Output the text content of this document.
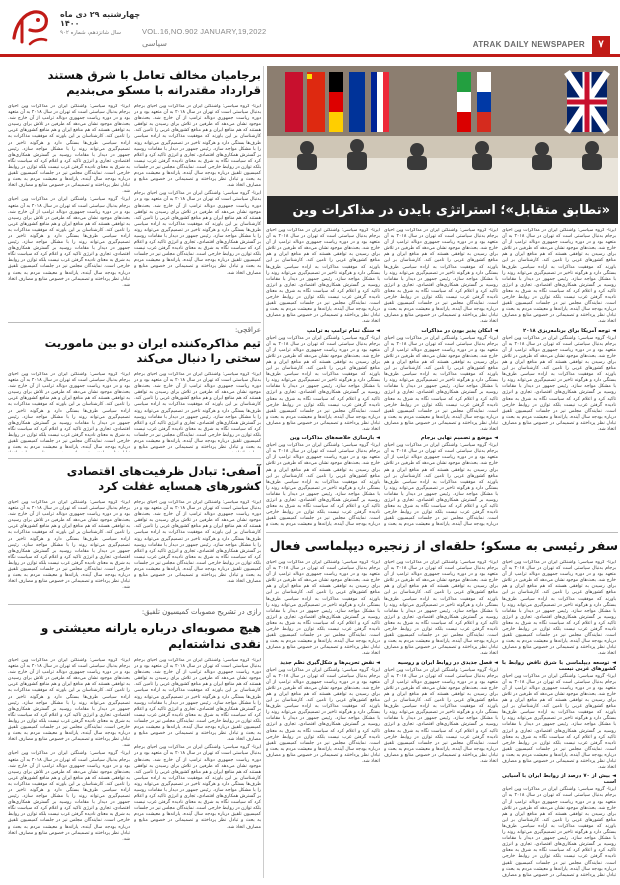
چهارشنبه ۲۹ دی ماه ۱۴۰۰
سال شانزدهم، شماره ۹۰۲	VOL.16,NO.902 JANUARY,19,2022
سیاسی	ATRAK DAILY NEWSPAPER	۷
«تطابق متقابل»؛ استراتژی بایدن در مذاکرات وین

ایرنا- گروه سیاسی: واشنگتن ایران در مذاکرات وین احیای برجام بدنبال سیاستی است که تهران در سال ۲۰۱۸ به آن متعهد بود و در دوره ریاست جمهوری دونالد ترامپ از آن خارج شد. بحث‌های موجود نشان می‌دهد که طرفین در تلاش برای رسیدن به توافقی هستند که هم منافع ایران و هم منافع کشورهای غربی را تامین کند. کارشناسان بر این باورند که موفقیت مذاکرات به اراده سیاسی طرف‌ها بستگی دارد و هرگونه تاخیر در تصمیم‌گیری می‌تواند روند را با مشکل مواجه سازد. رئیس جمهور در دیدار با مقامات روسیه بر گسترش همکاری‌های اقتصادی، تجاری و انرژی تاکید کرد و اعلام کرد که سیاست نگاه به شرق به معنای نادیده گرفتن غرب نیست بلکه توازن در روابط خارجی است. نمایندگان مجلس نیز در جلسات کمیسیون تلفیق درباره بودجه سال آینده، یارانه‌ها و معیشت مردم به بحث و تبادل نظر پرداختند و تصمیماتی در خصوص منابع و مصارف اتخاذ شد.

◄ توجه آمریکا برای برنامه‌ریزی ۲۰۱۸

ایرنا- گروه سیاسی: واشنگتن ایران در مذاکرات وین احیای برجام بدنبال سیاستی است که تهران در سال ۲۰۱۸ به آن متعهد بود و در دوره ریاست جمهوری دونالد ترامپ از آن خارج شد. بحث‌های موجود نشان می‌دهد که طرفین در تلاش برای رسیدن به توافقی هستند که هم منافع ایران و هم منافع کشورهای غربی را تامین کند. کارشناسان بر این باورند که موفقیت مذاکرات به اراده سیاسی طرف‌ها بستگی دارد و هرگونه تاخیر در تصمیم‌گیری می‌تواند روند را با مشکل مواجه سازد. رئیس جمهور در دیدار با مقامات روسیه بر گسترش همکاری‌های اقتصادی، تجاری و انرژی تاکید کرد و اعلام کرد که سیاست نگاه به شرق به معنای نادیده گرفتن غرب نیست بلکه توازن در روابط خارجی است. نمایندگان مجلس نیز در جلسات کمیسیون تلفیق درباره بودجه سال آینده، یارانه‌ها و معیشت مردم به بحث و تبادل نظر پرداختند و تصمیماتی در خصوص منابع و مصارف اتخاذ شد.

ایرنا- گروه سیاسی: واشنگتن ایران در مذاکرات وین احیای برجام بدنبال سیاستی است که تهران در سال ۲۰۱۸ به آن متعهد بود و در دوره ریاست جمهوری دونالد ترامپ از آن خارج شد. بحث‌های موجود نشان می‌دهد که طرفین در تلاش برای رسیدن به توافقی هستند که هم منافع ایران و هم منافع کشورهای غربی را تامین کند. کارشناسان بر این باورند که موفقیت مذاکرات به اراده سیاسی طرف‌ها بستگی دارد و هرگونه تاخیر در تصمیم‌گیری می‌تواند روند را با مشکل مواجه سازد. رئیس جمهور در دیدار با مقامات روسیه بر گسترش همکاری‌های اقتصادی، تجاری و انرژی تاکید کرد و اعلام کرد که سیاست نگاه به شرق به معنای نادیده گرفتن غرب نیست بلکه توازن در روابط خارجی است. نمایندگان مجلس نیز در جلسات کمیسیون تلفیق درباره بودجه سال آینده، یارانه‌ها و معیشت مردم به بحث و تبادل نظر پرداختند و تصمیماتی در خصوص منابع و مصارف اتخاذ شد.

◄ امکان پذیر بودن در مذاکرات

ایرنا- گروه سیاسی: واشنگتن ایران در مذاکرات وین احیای برجام بدنبال سیاستی است که تهران در سال ۲۰۱۸ به آن متعهد بود و در دوره ریاست جمهوری دونالد ترامپ از آن خارج شد. بحث‌های موجود نشان می‌دهد که طرفین در تلاش برای رسیدن به توافقی هستند که هم منافع ایران و هم منافع کشورهای غربی را تامین کند. کارشناسان بر این باورند که موفقیت مذاکرات به اراده سیاسی طرف‌ها بستگی دارد و هرگونه تاخیر در تصمیم‌گیری می‌تواند روند را با مشکل مواجه سازد. رئیس جمهور در دیدار با مقامات روسیه بر گسترش همکاری‌های اقتصادی، تجاری و انرژی تاکید کرد و اعلام کرد که سیاست نگاه به شرق به معنای نادیده گرفتن غرب نیست بلکه توازن در روابط خارجی است. نمایندگان مجلس نیز در جلسات کمیسیون تلفیق درباره بودجه سال آینده، یارانه‌ها و معیشت مردم به بحث و تبادل نظر پرداختند و تصمیماتی در خصوص منابع و مصارف اتخاذ شد.

◄ موضع و تصمیم نهایی برجام

ایرنا- گروه سیاسی: واشنگتن ایران در مذاکرات وین احیای برجام بدنبال سیاستی است که تهران در سال ۲۰۱۸ به آن متعهد بود و در دوره ریاست جمهوری دونالد ترامپ از آن خارج شد. بحث‌های موجود نشان می‌دهد که طرفین در تلاش برای رسیدن به توافقی هستند که هم منافع ایران و هم منافع کشورهای غربی را تامین کند. کارشناسان بر این باورند که موفقیت مذاکرات به اراده سیاسی طرف‌ها بستگی دارد و هرگونه تاخیر در تصمیم‌گیری می‌تواند روند را با مشکل مواجه سازد. رئیس جمهور در دیدار با مقامات روسیه بر گسترش همکاری‌های اقتصادی، تجاری و انرژی تاکید کرد و اعلام کرد که سیاست نگاه به شرق به معنای نادیده گرفتن غرب نیست بلکه توازن در روابط خارجی است. نمایندگان مجلس نیز در جلسات کمیسیون تلفیق درباره بودجه سال آینده، یارانه‌ها و معیشت مردم به بحث و

ایرنا- گروه سیاسی: واشنگتن ایران در مذاکرات وین احیای برجام بدنبال سیاستی است که تهران در سال ۲۰۱۸ به آن متعهد بود و در دوره ریاست جمهوری دونالد ترامپ از آن خارج شد. بحث‌های موجود نشان می‌دهد که طرفین در تلاش برای رسیدن به توافقی هستند که هم منافع ایران و هم منافع کشورهای غربی را تامین کند. کارشناسان بر این باورند که موفقیت مذاکرات به اراده سیاسی طرف‌ها بستگی دارد و هرگونه تاخیر در تصمیم‌گیری می‌تواند روند را با مشکل مواجه سازد. رئیس جمهور در دیدار با مقامات روسیه بر گسترش همکاری‌های اقتصادی، تجاری و انرژی تاکید کرد و اعلام کرد که سیاست نگاه به شرق به معنای نادیده گرفتن غرب نیست بلکه توازن در روابط خارجی است. نمایندگان مجلس نیز در جلسات کمیسیون تلفیق درباره بودجه سال آینده، یارانه‌ها و معیشت مردم به بحث و تبادل نظر پرداختند و تصمیماتی در خصوص منابع و مصارف اتخاذ شد.

◄ سنگ تمام ترامپ به ترامپ

ایرنا- گروه سیاسی: واشنگتن ایران در مذاکرات وین احیای برجام بدنبال سیاستی است که تهران در سال ۲۰۱۸ به آن متعهد بود و در دوره ریاست جمهوری دونالد ترامپ از آن خارج شد. بحث‌های موجود نشان می‌دهد که طرفین در تلاش برای رسیدن به توافقی هستند که هم منافع ایران و هم منافع کشورهای غربی را تامین کند. کارشناسان بر این باورند که موفقیت مذاکرات به اراده سیاسی طرف‌ها بستگی دارد و هرگونه تاخیر در تصمیم‌گیری می‌تواند روند را با مشکل مواجه سازد. رئیس جمهور در دیدار با مقامات روسیه بر گسترش همکاری‌های اقتصادی، تجاری و انرژی تاکید کرد و اعلام کرد که سیاست نگاه به شرق به معنای نادیده گرفتن غرب نیست بلکه توازن در روابط خارجی است. نمایندگان مجلس نیز در جلسات کمیسیون تلفیق درباره بودجه سال آینده، یارانه‌ها و معیشت مردم به بحث و تبادل نظر پرداختند و تصمیماتی در خصوص منابع و مصارف اتخاذ شد.

◄ بازسازی خلاصه‌های مذاکرات وین

ایرنا- گروه سیاسی: واشنگتن ایران در مذاکرات وین احیای برجام بدنبال سیاستی است که تهران در سال ۲۰۱۸ به آن متعهد بود و در دوره ریاست جمهوری دونالد ترامپ از آن خارج شد. بحث‌های موجود نشان می‌دهد که طرفین در تلاش برای رسیدن به توافقی هستند که هم منافع ایران و هم منافع کشورهای غربی را تامین کند. کارشناسان بر این باورند که موفقیت مذاکرات به اراده سیاسی طرف‌ها بستگی دارد و هرگونه تاخیر در تصمیم‌گیری می‌تواند روند را با مشکل مواجه سازد. رئیس جمهور در دیدار با مقامات روسیه بر گسترش همکاری‌های اقتصادی، تجاری و انرژی تاکید کرد و اعلام کرد که سیاست نگاه به شرق به معنای نادیده گرفتن غرب نیست بلکه توازن در روابط خارجی است. نمایندگان مجلس نیز در جلسات کمیسیون تلفیق درباره بودجه سال آینده، یارانه‌ها و معیشت مردم به بحث و

سفر رئیسی به مسکو؛ حلقه‌ای از زنجیره دیپلماسی فعال

ایرنا- گروه سیاسی: واشنگتن ایران در مذاکرات وین احیای برجام بدنبال سیاستی است که تهران در سال ۲۰۱۸ به آن متعهد بود و در دوره ریاست جمهوری دونالد ترامپ از آن خارج شد. بحث‌های موجود نشان می‌دهد که طرفین در تلاش برای رسیدن به توافقی هستند که هم منافع ایران و هم منافع کشورهای غربی را تامین کند. کارشناسان بر این باورند که موفقیت مذاکرات به اراده سیاسی طرف‌ها بستگی دارد و هرگونه تاخیر در تصمیم‌گیری می‌تواند روند را با مشکل مواجه سازد. رئیس جمهور در دیدار با مقامات روسیه بر گسترش همکاری‌های اقتصادی، تجاری و انرژی تاکید کرد و اعلام کرد که سیاست نگاه به شرق به معنای نادیده گرفتن غرب نیست بلکه توازن در روابط خارجی است. نمایندگان مجلس نیز در جلسات کمیسیون تلفیق درباره بودجه سال آینده، یارانه‌ها و معیشت مردم به بحث و تبادل نظر پرداختند و تصمیماتی در خصوص منابع و مصارف اتخاذ شد.

◄ توسعه دیپلماسی با شرق ناقض روابط با کشورهای غربی نیست

ایرنا- گروه سیاسی: واشنگتن ایران در مذاکرات وین احیای برجام بدنبال سیاستی است که تهران در سال ۲۰۱۸ به آن متعهد بود و در دوره ریاست جمهوری دونالد ترامپ از آن خارج شد. بحث‌های موجود نشان می‌دهد که طرفین در تلاش برای رسیدن به توافقی هستند که هم منافع ایران و هم منافع کشورهای غربی را تامین کند. کارشناسان بر این باورند که موفقیت مذاکرات به اراده سیاسی طرف‌ها بستگی دارد و هرگونه تاخیر در تصمیم‌گیری می‌تواند روند را با مشکل مواجه سازد. رئیس جمهور در دیدار با مقامات روسیه بر گسترش همکاری‌های اقتصادی، تجاری و انرژی تاکید کرد و اعلام کرد که سیاست نگاه به شرق به معنای نادیده گرفتن غرب نیست بلکه توازن در روابط خارجی است. نمایندگان مجلس نیز در جلسات کمیسیون تلفیق درباره بودجه سال آینده، یارانه‌ها و معیشت مردم به بحث و تبادل نظر پرداختند و تصمیماتی در خصوص منابع و مصارف اتخاذ شد.

◄ بیش از ۷۰ درصد از روابط ایران با آسیایی است

ایرنا- گروه سیاسی: واشنگتن ایران در مذاکرات وین احیای برجام بدنبال سیاستی است که تهران در سال ۲۰۱۸ به آن متعهد بود و در دوره ریاست جمهوری دونالد ترامپ از آن خارج شد. بحث‌های موجود نشان می‌دهد که طرفین در تلاش برای رسیدن به توافقی هستند که هم منافع ایران و هم منافع کشورهای غربی را تامین کند. کارشناسان بر این باورند که موفقیت مذاکرات به اراده سیاسی طرف‌ها بستگی دارد و هرگونه تاخیر در تصمیم‌گیری می‌تواند روند را با مشکل مواجه سازد. رئیس جمهور در دیدار با مقامات روسیه بر گسترش همکاری‌های اقتصادی، تجاری و انرژی تاکید کرد و اعلام کرد که سیاست نگاه به شرق به معنای نادیده گرفتن غرب نیست بلکه توازن در روابط خارجی است. نمایندگان مجلس نیز در جلسات کمیسیون تلفیق درباره بودجه سال آینده، یارانه‌ها و معیشت مردم به بحث و تبادل نظر پرداختند و تصمیماتی در خصوص منابع و مصارف

ایرنا- گروه سیاسی: واشنگتن ایران در مذاکرات وین احیای برجام بدنبال سیاستی است که تهران در سال ۲۰۱۸ به آن متعهد بود و در دوره ریاست جمهوری دونالد ترامپ از آن خارج شد. بحث‌های موجود نشان می‌دهد که طرفین در تلاش برای رسیدن به توافقی هستند که هم منافع ایران و هم منافع کشورهای غربی را تامین کند. کارشناسان بر این باورند که موفقیت مذاکرات به اراده سیاسی طرف‌ها بستگی دارد و هرگونه تاخیر در تصمیم‌گیری می‌تواند روند را با مشکل مواجه سازد. رئیس جمهور در دیدار با مقامات روسیه بر گسترش همکاری‌های اقتصادی، تجاری و انرژی تاکید کرد و اعلام کرد که سیاست نگاه به شرق به معنای نادیده گرفتن غرب نیست بلکه توازن در روابط خارجی است. نمایندگان مجلس نیز در جلسات کمیسیون تلفیق درباره بودجه سال آینده، یارانه‌ها و معیشت مردم به بحث و تبادل نظر پرداختند و تصمیماتی در خصوص منابع و مصارف اتخاذ شد.

◄ فصل جدیدی در روابط ایران و روسیه

ایرنا- گروه سیاسی: واشنگتن ایران در مذاکرات وین احیای برجام بدنبال سیاستی است که تهران در سال ۲۰۱۸ به آن متعهد بود و در دوره ریاست جمهوری دونالد ترامپ از آن خارج شد. بحث‌های موجود نشان می‌دهد که طرفین در تلاش برای رسیدن به توافقی هستند که هم منافع ایران و هم منافع کشورهای غربی را تامین کند. کارشناسان بر این باورند که موفقیت مذاکرات به اراده سیاسی طرف‌ها بستگی دارد و هرگونه تاخیر در تصمیم‌گیری می‌تواند روند را با مشکل مواجه سازد. رئیس جمهور در دیدار با مقامات روسیه بر گسترش همکاری‌های اقتصادی، تجاری و انرژی تاکید کرد و اعلام کرد که سیاست نگاه به شرق به معنای نادیده گرفتن غرب نیست بلکه توازن در روابط خارجی است. نمایندگان مجلس نیز در جلسات کمیسیون تلفیق درباره بودجه سال آینده، یارانه‌ها و معیشت مردم به بحث و تبادل نظر پرداختند و تصمیماتی در خصوص منابع و مصارف اتخاذ شد.

ایرنا- گروه سیاسی: واشنگتن ایران در مذاکرات وین احیای برجام بدنبال سیاستی است که تهران در سال ۲۰۱۸ به آن متعهد بود و در دوره ریاست جمهوری دونالد ترامپ از آن خارج شد. بحث‌های موجود نشان می‌دهد که طرفین در تلاش برای رسیدن به توافقی هستند که هم منافع ایران و هم منافع کشورهای غربی را تامین کند. کارشناسان بر این باورند که موفقیت مذاکرات به اراده سیاسی طرف‌ها بستگی دارد و هرگونه تاخیر در تصمیم‌گیری می‌تواند روند را با مشکل مواجه سازد. رئیس جمهور در دیدار با مقامات روسیه بر گسترش همکاری‌های اقتصادی، تجاری و انرژی تاکید کرد و اعلام کرد که سیاست نگاه به شرق به معنای نادیده گرفتن غرب نیست بلکه توازن در روابط خارجی است. نمایندگان مجلس نیز در جلسات کمیسیون تلفیق درباره بودجه سال آینده، یارانه‌ها و معیشت مردم به بحث و تبادل نظر پرداختند و تصمیماتی در خصوص منابع و مصارف اتخاذ شد.

◄ نقض تحریم‌ها و شکل‌گیری نظم جدید

ایرنا- گروه سیاسی: واشنگتن ایران در مذاکرات وین احیای برجام بدنبال سیاستی است که تهران در سال ۲۰۱۸ به آن متعهد بود و در دوره ریاست جمهوری دونالد ترامپ از آن خارج شد. بحث‌های موجود نشان می‌دهد که طرفین در تلاش برای رسیدن به توافقی هستند که هم منافع ایران و هم منافع کشورهای غربی را تامین کند. کارشناسان بر این باورند که موفقیت مذاکرات به اراده سیاسی طرف‌ها بستگی دارد و هرگونه تاخیر در تصمیم‌گیری می‌تواند روند را با مشکل مواجه سازد. رئیس جمهور در دیدار با مقامات روسیه بر گسترش همکاری‌های اقتصادی، تجاری و انرژی تاکید کرد و اعلام کرد که سیاست نگاه به شرق به معنای نادیده گرفتن غرب نیست بلکه توازن در روابط خارجی است. نمایندگان مجلس نیز در جلسات کمیسیون تلفیق درباره بودجه سال آینده، یارانه‌ها و معیشت مردم به بحث و تبادل نظر پرداختند و تصمیماتی در خصوص منابع و مصارف اتخاذ شد.

برجامیان مخالف تعامل با شرق هستند قرارداد مقتدرانه با مسکو می‌بندیم

ایرنا- گروه سیاسی: واشنگتن ایران در مذاکرات وین احیای برجام بدنبال سیاستی است که تهران در سال ۲۰۱۸ به آن متعهد بود و در دوره ریاست جمهوری دونالد ترامپ از آن خارج شد. بحث‌های موجود نشان می‌دهد که طرفین در تلاش برای رسیدن به توافقی هستند که هم منافع ایران و هم منافع کشورهای غربی را تامین کند. کارشناسان بر این باورند که موفقیت مذاکرات به اراده سیاسی طرف‌ها بستگی دارد و هرگونه تاخیر در تصمیم‌گیری می‌تواند روند را با مشکل مواجه سازد. رئیس جمهور در دیدار با مقامات روسیه بر گسترش همکاری‌های اقتصادی، تجاری و انرژی تاکید کرد و اعلام کرد که سیاست نگاه به شرق به معنای نادیده گرفتن غرب نیست بلکه توازن در روابط خارجی است. نمایندگان مجلس نیز در جلسات کمیسیون تلفیق درباره بودجه سال آینده، یارانه‌ها و معیشت مردم به بحث و تبادل نظر پرداختند و تصمیماتی در خصوص منابع و مصارف اتخاذ شد.

ایرنا- گروه سیاسی: واشنگتن ایران در مذاکرات وین احیای برجام بدنبال سیاستی است که تهران در سال ۲۰۱۸ به آن متعهد بود و در دوره ریاست جمهوری دونالد ترامپ از آن خارج شد. بحث‌های موجود نشان می‌دهد که طرفین در تلاش برای رسیدن به توافقی هستند که هم منافع ایران و هم منافع کشورهای غربی را تامین کند. کارشناسان بر این باورند که موفقیت مذاکرات به اراده سیاسی طرف‌ها بستگی دارد و هرگونه تاخیر در تصمیم‌گیری می‌تواند روند را با مشکل مواجه سازد. رئیس جمهور در دیدار با مقامات روسیه بر گسترش همکاری‌های اقتصادی، تجاری و انرژی تاکید کرد و اعلام کرد که سیاست نگاه به شرق به معنای نادیده گرفتن غرب نیست بلکه توازن در روابط خارجی است. نمایندگان مجلس نیز در جلسات کمیسیون تلفیق درباره بودجه سال آینده، یارانه‌ها و معیشت مردم به بحث و تبادل نظر پرداختند و تصمیماتی در خصوص منابع و مصارف اتخاذ شد.

ایرنا- گروه سیاسی: واشنگتن ایران در مذاکرات وین احیای برجام بدنبال سیاستی است که تهران در سال ۲۰۱۸ به آن متعهد بود و در دوره ریاست جمهوری دونالد ترامپ از آن خارج شد. بحث‌های موجود نشان می‌دهد که طرفین در تلاش برای رسیدن به توافقی هستند که هم منافع ایران و هم منافع کشورهای غربی را تامین کند. کارشناسان بر این باورند که موفقیت مذاکرات به اراده سیاسی طرف‌ها بستگی دارد و هرگونه تاخیر در تصمیم‌گیری می‌تواند روند را با مشکل مواجه سازد. رئیس جمهور در دیدار با مقامات روسیه بر گسترش همکاری‌های اقتصادی، تجاری و انرژی تاکید کرد و اعلام کرد که سیاست نگاه به شرق به معنای نادیده گرفتن غرب نیست بلکه توازن در روابط خارجی است. نمایندگان مجلس نیز در جلسات کمیسیون تلفیق درباره بودجه سال آینده، یارانه‌ها و معیشت مردم به بحث و تبادل نظر پرداختند و تصمیماتی در خصوص منابع و مصارف اتخاذ شد.

ایرنا- گروه سیاسی: واشنگتن ایران در مذاکرات وین احیای برجام بدنبال سیاستی است که تهران در سال ۲۰۱۸ به آن متعهد بود و در دوره ریاست جمهوری دونالد ترامپ از آن خارج شد. بحث‌های موجود نشان می‌دهد که طرفین در تلاش برای رسیدن به توافقی هستند که هم منافع ایران و هم منافع کشورهای غربی را تامین کند. کارشناسان بر این باورند که موفقیت مذاکرات به اراده سیاسی طرف‌ها بستگی دارد و هرگونه تاخیر در تصمیم‌گیری می‌تواند روند را با مشکل مواجه سازد. رئیس جمهور در دیدار با مقامات روسیه بر گسترش همکاری‌های اقتصادی، تجاری و انرژی تاکید کرد و اعلام کرد که سیاست نگاه به شرق به معنای نادیده گرفتن غرب نیست بلکه توازن در روابط خارجی است. نمایندگان مجلس نیز در جلسات کمیسیون تلفیق درباره بودجه سال آینده، یارانه‌ها و معیشت مردم به بحث و تبادل نظر پرداختند و تصمیماتی در خصوص منابع و مصارف اتخاذ شد.

عراقچی:
تیم مذاکره‌کننده ایران دو بین ماموریت سختی را دنبال می‌کند

ایرنا- گروه سیاسی: واشنگتن ایران در مذاکرات وین احیای برجام بدنبال سیاستی است که تهران در سال ۲۰۱۸ به آن متعهد بود و در دوره ریاست جمهوری دونالد ترامپ از آن خارج شد. بحث‌های موجود نشان می‌دهد که طرفین در تلاش برای رسیدن به توافقی هستند که هم منافع ایران و هم منافع کشورهای غربی را تامین کند. کارشناسان بر این باورند که موفقیت مذاکرات به اراده سیاسی طرف‌ها بستگی دارد و هرگونه تاخیر در تصمیم‌گیری می‌تواند روند را با مشکل مواجه سازد. رئیس جمهور در دیدار با مقامات روسیه بر گسترش همکاری‌های اقتصادی، تجاری و انرژی تاکید کرد و اعلام کرد که سیاست نگاه به شرق به معنای نادیده گرفتن غرب نیست بلکه توازن در روابط خارجی است. نمایندگان مجلس نیز در جلسات کمیسیون تلفیق درباره بودجه سال آینده، یارانه‌ها و معیشت مردم به بحث و تبادل نظر پرداختند و تصمیماتی در خصوص منابع و

ایرنا- گروه سیاسی: واشنگتن ایران در مذاکرات وین احیای برجام بدنبال سیاستی است که تهران در سال ۲۰۱۸ به آن متعهد بود و در دوره ریاست جمهوری دونالد ترامپ از آن خارج شد. بحث‌های موجود نشان می‌دهد که طرفین در تلاش برای رسیدن به توافقی هستند که هم منافع ایران و هم منافع کشورهای غربی را تامین کند. کارشناسان بر این باورند که موفقیت مذاکرات به اراده سیاسی طرف‌ها بستگی دارد و هرگونه تاخیر در تصمیم‌گیری می‌تواند روند را با مشکل مواجه سازد. رئیس جمهور در دیدار با مقامات روسیه بر گسترش همکاری‌های اقتصادی، تجاری و انرژی تاکید کرد و اعلام کرد که سیاست نگاه به شرق به معنای نادیده گرفتن غرب نیست بلکه توازن در روابط خارجی است. نمایندگان مجلس نیز در جلسات کمیسیون تلفیق درباره بودجه سال آینده، یارانه‌ها و معیشت مردم به بحث و

آصفی: تبادل ظرفیت‌های اقتصادی کشورهای همسایه غفلت کرد

ایرنا- گروه سیاسی: واشنگتن ایران در مذاکرات وین احیای برجام بدنبال سیاستی است که تهران در سال ۲۰۱۸ به آن متعهد بود و در دوره ریاست جمهوری دونالد ترامپ از آن خارج شد. بحث‌های موجود نشان می‌دهد که طرفین در تلاش برای رسیدن به توافقی هستند که هم منافع ایران و هم منافع کشورهای غربی را تامین کند. کارشناسان بر این باورند که موفقیت مذاکرات به اراده سیاسی طرف‌ها بستگی دارد و هرگونه تاخیر در تصمیم‌گیری می‌تواند روند را با مشکل مواجه سازد. رئیس جمهور در دیدار با مقامات روسیه بر گسترش همکاری‌های اقتصادی، تجاری و انرژی تاکید کرد و اعلام کرد که سیاست نگاه به شرق به معنای نادیده گرفتن غرب نیست بلکه توازن در روابط خارجی است. نمایندگان مجلس نیز در جلسات کمیسیون تلفیق درباره بودجه سال آینده، یارانه‌ها و معیشت مردم به بحث و تبادل نظر پرداختند و تصمیماتی در خصوص منابع و مصارف اتخاذ شد.

ایرنا- گروه سیاسی: واشنگتن ایران در مذاکرات وین احیای برجام بدنبال سیاستی است که تهران در سال ۲۰۱۸ به آن متعهد بود و در دوره ریاست جمهوری دونالد ترامپ از آن خارج شد. بحث‌های موجود نشان می‌دهد که طرفین در تلاش برای رسیدن به توافقی هستند که هم منافع ایران و هم منافع کشورهای غربی را تامین کند. کارشناسان بر این باورند که موفقیت مذاکرات به اراده سیاسی طرف‌ها بستگی دارد و هرگونه تاخیر در تصمیم‌گیری می‌تواند روند را با مشکل مواجه سازد. رئیس جمهور در دیدار با مقامات روسیه بر گسترش همکاری‌های اقتصادی، تجاری و انرژی تاکید کرد و اعلام کرد که سیاست نگاه به شرق به معنای نادیده گرفتن غرب نیست بلکه توازن در روابط خارجی است. نمایندگان مجلس نیز در جلسات کمیسیون تلفیق درباره بودجه سال آینده، یارانه‌ها و معیشت مردم به بحث و تبادل نظر پرداختند و تصمیماتی در خصوص منابع و مصارف اتخاذ شد.

رازی در تشریح مصوبات کمیسیون تلفیق:
هیچ مصوبه‌ای درباره یارانه معیشتی و نقدی نداشته‌ایم

ایرنا- گروه سیاسی: واشنگتن ایران در مذاکرات وین احیای برجام بدنبال سیاستی است که تهران در سال ۲۰۱۸ به آن متعهد بود و در دوره ریاست جمهوری دونالد ترامپ از آن خارج شد. بحث‌های موجود نشان می‌دهد که طرفین در تلاش برای رسیدن به توافقی هستند که هم منافع ایران و هم منافع کشورهای غربی را تامین کند. کارشناسان بر این باورند که موفقیت مذاکرات به اراده سیاسی طرف‌ها بستگی دارد و هرگونه تاخیر در تصمیم‌گیری می‌تواند روند را با مشکل مواجه سازد. رئیس جمهور در دیدار با مقامات روسیه بر گسترش همکاری‌های اقتصادی، تجاری و انرژی تاکید کرد و اعلام کرد که سیاست نگاه به شرق به معنای نادیده گرفتن غرب نیست بلکه توازن در روابط خارجی است. نمایندگان مجلس نیز در جلسات کمیسیون تلفیق درباره بودجه سال آینده، یارانه‌ها و معیشت مردم به بحث و تبادل نظر پرداختند و تصمیماتی در خصوص منابع و مصارف اتخاذ شد.

ایرنا- گروه سیاسی: واشنگتن ایران در مذاکرات وین احیای برجام بدنبال سیاستی است که تهران در سال ۲۰۱۸ به آن متعهد بود و در دوره ریاست جمهوری دونالد ترامپ از آن خارج شد. بحث‌های موجود نشان می‌دهد که طرفین در تلاش برای رسیدن به توافقی هستند که هم منافع ایران و هم منافع کشورهای غربی را تامین کند. کارشناسان بر این باورند که موفقیت مذاکرات به اراده سیاسی طرف‌ها بستگی دارد و هرگونه تاخیر در تصمیم‌گیری می‌تواند روند را با مشکل مواجه سازد. رئیس جمهور در دیدار با مقامات روسیه بر گسترش همکاری‌های اقتصادی، تجاری و انرژی تاکید کرد و اعلام کرد که سیاست نگاه به شرق به معنای نادیده گرفتن غرب نیست بلکه توازن در روابط خارجی است. نمایندگان مجلس نیز در جلسات کمیسیون تلفیق درباره بودجه سال آینده، یارانه‌ها و معیشت مردم به بحث و تبادل نظر پرداختند و تصمیماتی در خصوص منابع و مصارف اتخاذ شد.

ایرنا- گروه سیاسی: واشنگتن ایران در مذاکرات وین احیای برجام بدنبال سیاستی است که تهران در سال ۲۰۱۸ به آن متعهد بود و در دوره ریاست جمهوری دونالد ترامپ از آن خارج شد. بحث‌های موجود نشان می‌دهد که طرفین در تلاش برای رسیدن به توافقی هستند که هم منافع ایران و هم منافع کشورهای غربی را تامین کند. کارشناسان بر این باورند که موفقیت مذاکرات به اراده سیاسی طرف‌ها بستگی دارد و هرگونه تاخیر در تصمیم‌گیری می‌تواند روند را با مشکل مواجه سازد. رئیس جمهور در دیدار با مقامات روسیه بر گسترش همکاری‌های اقتصادی، تجاری و انرژی تاکید کرد و اعلام کرد که سیاست نگاه به شرق به معنای نادیده گرفتن غرب نیست بلکه توازن در روابط خارجی است. نمایندگان مجلس نیز در جلسات کمیسیون تلفیق درباره بودجه سال آینده، یارانه‌ها و معیشت مردم به بحث و تبادل نظر پرداختند و تصمیماتی در خصوص منابع و مصارف اتخاذ شد.

ایرنا- گروه سیاسی: واشنگتن ایران در مذاکرات وین احیای برجام بدنبال سیاستی است که تهران در سال ۲۰۱۸ به آن متعهد بود و در دوره ریاست جمهوری دونالد ترامپ از آن خارج شد. بحث‌های موجود نشان می‌دهد که طرفین در تلاش برای رسیدن به توافقی هستند که هم منافع ایران و هم منافع کشورهای غربی را تامین کند. کارشناسان بر این باورند که موفقیت مذاکرات به اراده سیاسی طرف‌ها بستگی دارد و هرگونه تاخیر در تصمیم‌گیری می‌تواند روند را با مشکل مواجه سازد. رئیس جمهور در دیدار با مقامات روسیه بر گسترش همکاری‌های اقتصادی، تجاری و انرژی تاکید کرد و اعلام کرد که سیاست نگاه به شرق به معنای نادیده گرفتن غرب نیست بلکه توازن در روابط خارجی است. نمایندگان مجلس نیز در جلسات کمیسیون تلفیق درباره بودجه سال آینده، یارانه‌ها و معیشت مردم به بحث و تبادل نظر پرداختند و تصمیماتی در خصوص منابع و مصارف اتخاذ شد.
